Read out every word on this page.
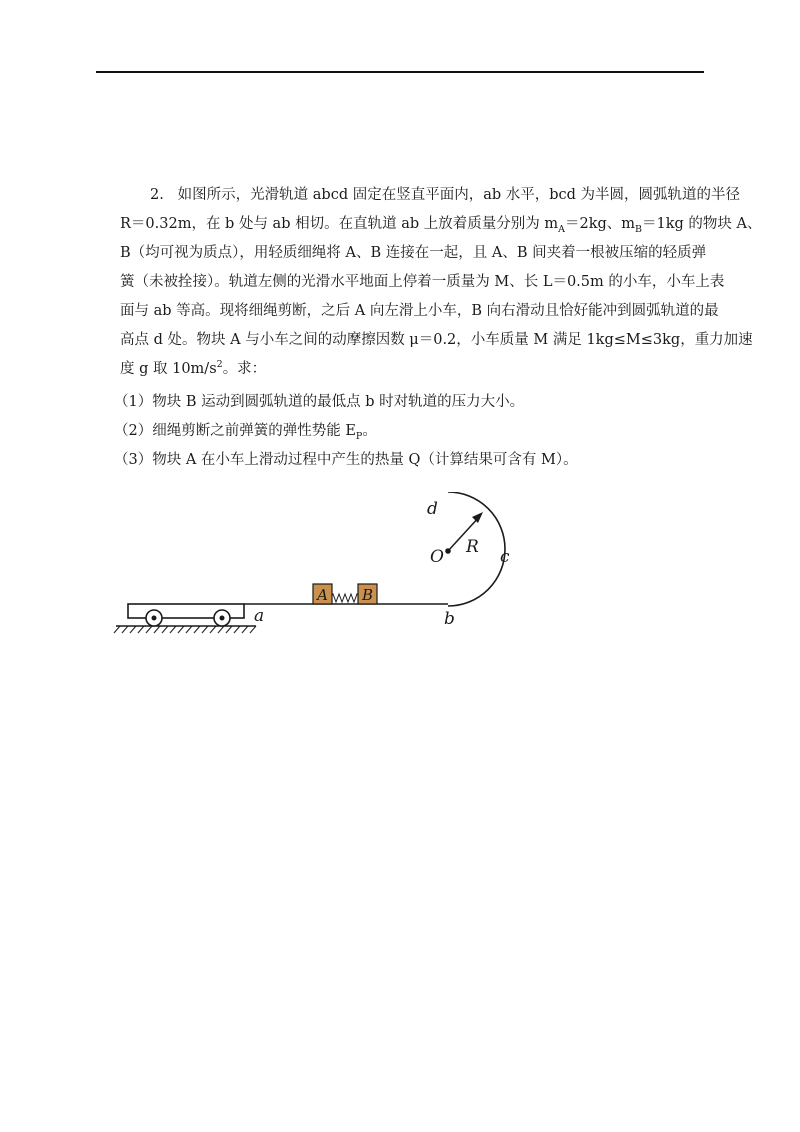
2. 如图所示，光滑轨道 abcd 固定在竖直平面内，ab 水平，bcd 为半圆，圆弧轨道的半径
R＝0.32m，在 b 处与 ab 相切。在直轨道 ab 上放着质量分别为 $m_A=2kg$、$m_B=1kg$ 的物块 A、
B（均可视为质点），用轻质细绳将 A、B 连接在一起，且 A、B 间夹着一根被压缩的轻质弹
簧（未被拴接）。轨道左侧的光滑水平地面上停着一质量为 M、长 L＝0.5m 的小车，小车上表
面与 ab 等高。现将细绳剪断，之后 A 向左滑上小车，B 向右滑动且恰好能冲到圆弧轨道的最
高点 d 处。物块 A 与小车之间的动摩擦因数 μ＝0.2，小车质量 M 满足 1kg≤M≤3kg，重力加速
度 g 取 $10m/s^2$。求：
（1）物块 B 运动到圆弧轨道的最低点 b 时对轨道的压力大小。
（2）细绳剪断之前弹簧的弹性势能 $E_P$。
（3）物块 A 在小车上滑动过程中产生的热量 Q（计算结果可含有 M）。
A B
a	b
c
d
O R
